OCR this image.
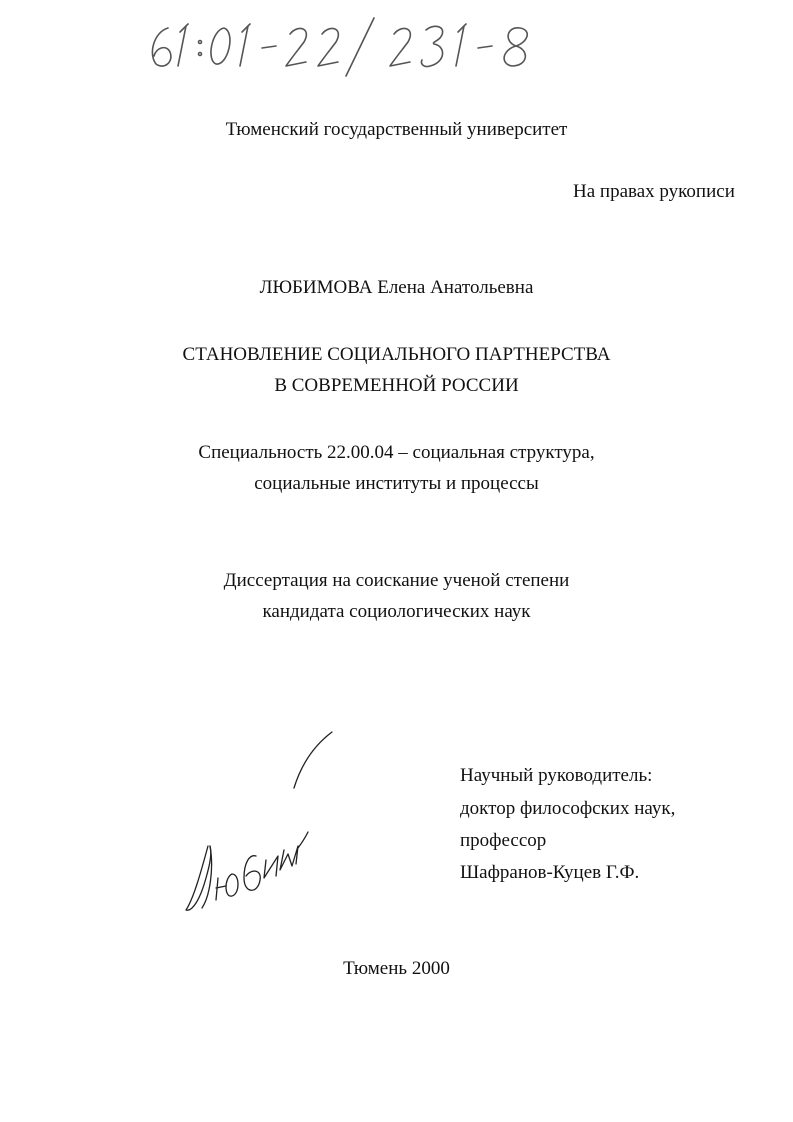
61:01-22/231-8
Тюменский государственный университет
На правах рукописи
ЛЮБИМОВА Елена Анатольевна
СТАНОВЛЕНИЕ СОЦИАЛЬНОГО ПАРТНЕРСТВА
В СОВРЕМЕННОЙ РОССИИ
Специальность 22.00.04 – социальная структура,
социальные институты и процессы
Диссертация на соискание ученой степени
кандидата социологических наук
Научный руководитель:
доктор философских наук,
профессор
Шафранов-Куцев Г.Ф.
Любим
Тюмень 2000
